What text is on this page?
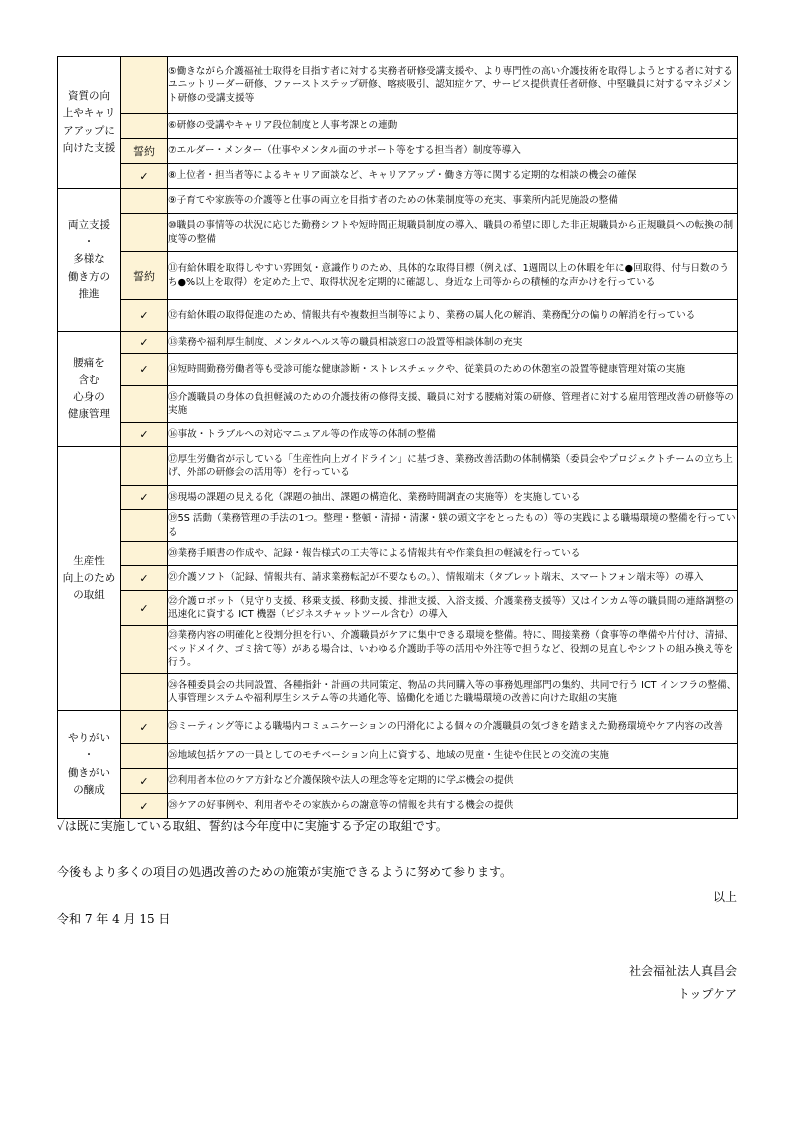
資質の向
上やキャリ
アアップに
向けた支援		⑤働きながら介護福祉士取得を目指す者に対する実務者研修受講支援や、より専門性の高い介護技術を取得しようとする者に対するユニットリーダー研修、ファーストステップ研修、喀痰吸引、認知症ケア、サービス提供責任者研修、中堅職員に対するマネジメント研修の受講支援等
		⑥研修の受講やキャリア段位制度と人事考課との連動
	誓約	⑦エルダー・メンター（仕事やメンタル面のサポート等をする担当者）制度等導入
	✓	⑧上位者・担当者等によるキャリア面談など、キャリアアップ・働き方等に関する定期的な相談の機会の確保

両立支援
・
多様な
働き方の
推進		⑨子育てや家族等の介護等と仕事の両立を目指す者のための休業制度等の充実、事業所内託児施設の整備
		⑩職員の事情等の状況に応じた勤務シフトや短時間正規職員制度の導入、職員の希望に即した非正規職員から正規職員への転換の制度等の整備
	誓約	⑪有給休暇を取得しやすい雰囲気・意識作りのため、具体的な取得目標（例えば、1週間以上の休暇を年に●回取得、付与日数のうち●%以上を取得）を定めた上で、取得状況を定期的に確認し、身近な上司等からの積極的な声かけを行っている
	✓	⑫有給休暇の取得促進のため、情報共有や複数担当制等により、業務の属人化の解消、業務配分の偏りの解消を行っている

腰痛を
含む
心身の
健康管理	✓	⑬業務や福利厚生制度、メンタルヘルス等の職員相談窓口の設置等相談体制の充実
	✓	⑭短時間勤務労働者等も受診可能な健康診断・ストレスチェックや、従業員のための休憩室の設置等健康管理対策の実施
		⑮介護職員の身体の負担軽減のための介護技術の修得支援、職員に対する腰痛対策の研修、管理者に対する雇用管理改善の研修等の実施
	✓	⑯事故・トラブルへの対応マニュアル等の作成等の体制の整備

生産性
向上のため
の取組		⑰厚生労働省が示している「生産性向上ガイドライン」に基づき、業務改善活動の体制構築（委員会やプロジェクトチームの立ち上げ、外部の研修会の活用等）を行っている
	✓	⑱現場の課題の見える化（課題の抽出、課題の構造化、業務時間調査の実施等）を実施している
		⑲5S 活動（業務管理の手法の1つ。整理・整頓・清掃・清潔・躾の頭文字をとったもの）等の実践による職場環境の整備を行っている
		⑳業務手順書の作成や、記録・報告様式の工夫等による情報共有や作業負担の軽減を行っている
	✓	㉑介護ソフト（記録、情報共有、請求業務転記が不要なもの。）、情報端末（タブレット端末、スマートフォン端末等）の導入
	✓	㉒介護ロボット（見守り支援、移乗支援、移動支援、排泄支援、入浴支援、介護業務支援等）又はインカム等の職員間の連絡調整の迅速化に資する ICT 機器（ビジネスチャットツール含む）の導入
		㉓業務内容の明確化と役割分担を行い、介護職員がケアに集中できる環境を整備。特に、間接業務（食事等の準備や片付け、清掃、ベッドメイク、ゴミ捨て等）がある場合は、いわゆる介護助手等の活用や外注等で担うなど、役割の見直しやシフトの組み換え等を行う。
		㉔各種委員会の共同設置、各種指針・計画の共同策定、物品の共同購入等の事務処理部門の集約、共同で行う ICT インフラの整備、人事管理システムや福利厚生システム等の共通化等、協働化を通じた職場環境の改善に向けた取組の実施

やりがい
・
働きがい
の醸成	✓	㉕ミーティング等による職場内コミュニケーションの円滑化による個々の介護職員の気づきを踏まえた勤務環境やケア内容の改善
		㉖地域包括ケアの一員としてのモチベーション向上に資する、地域の児童・生徒や住民との交流の実施
	✓	㉗利用者本位のケア方針など介護保険や法人の理念等を定期的に学ぶ機会の提供
	✓	㉘ケアの好事例や、利用者やその家族からの謝意等の情報を共有する機会の提供
✓は既に実施している取組、誓約は今年度中に実施する予定の取組です。
今後もより多くの項目の処遇改善のための施策が実施できるように努めて参ります。
以上
令和 7 年 4 月 15 日
社会福祉法人真昌会
トップケア
